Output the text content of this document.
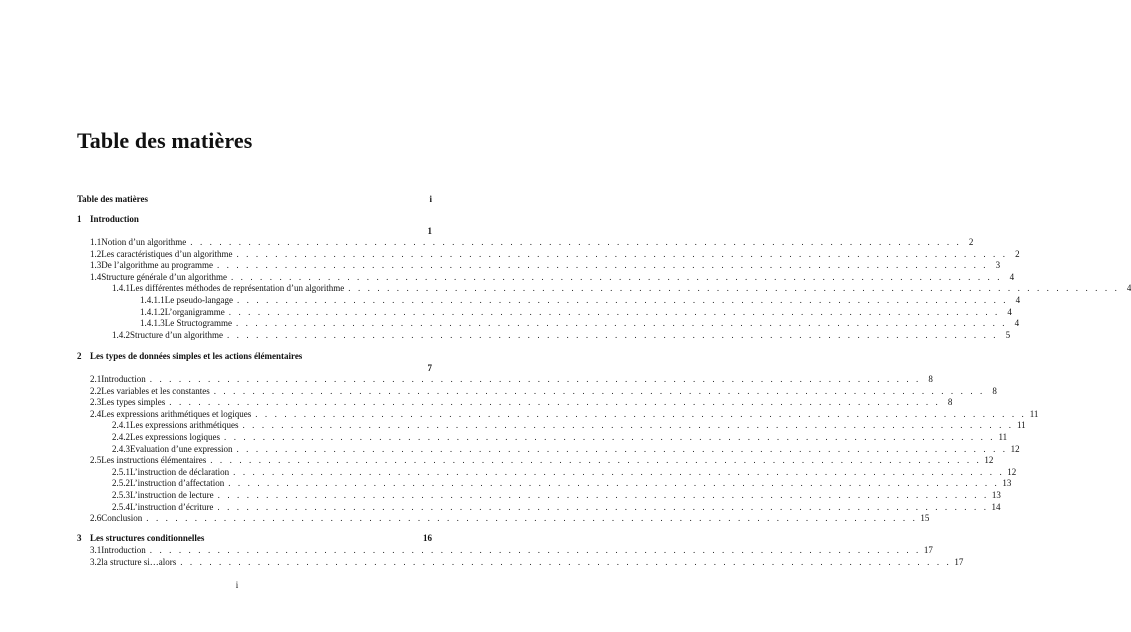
Table des matières
Table des matières	i
1 Introduction
1
1.1 Notion d’un algorithme . . . . . . . . . . . . . . . . . . . . . . . . . . . . . . . . . . . . . . . . . . . . . . . . . . . . . . . . . . . . . . . . . . . . . . . . . . . . . . . . 2
1.2 Les caractéristiques d’un algorithme . . . . . . . . . . . . . . . . . . . . . . . . . . . . . . . . . . . . . . . . . . . . . . . . . . . . . . . . . . . . . . . . . . . . . . . . . . . . . . . . 2
1.3 De l’algorithme au programme . . . . . . . . . . . . . . . . . . . . . . . . . . . . . . . . . . . . . . . . . . . . . . . . . . . . . . . . . . . . . . . . . . . . . . . . . . . . . . . . 3
1.4 Structure générale d’un algorithme . . . . . . . . . . . . . . . . . . . . . . . . . . . . . . . . . . . . . . . . . . . . . . . . . . . . . . . . . . . . . . . . . . . . . . . . . . . . . . . . 4
1.4.1 Les différentes méthodes de représentation d’un algorithme . . . . . . . . . . . . . . . . . . . . . . . . . . . . . . . . . . . . . . . . . . . . . . . . . . . . . . . . . . . . . . . . . . . . . . . . . . . . . . . . 4
1.4.1.1 Le pseudo-langage . . . . . . . . . . . . . . . . . . . . . . . . . . . . . . . . . . . . . . . . . . . . . . . . . . . . . . . . . . . . . . . . . . . . . . . . . . . . . . . . 4
1.4.1.2 L’organigramme . . . . . . . . . . . . . . . . . . . . . . . . . . . . . . . . . . . . . . . . . . . . . . . . . . . . . . . . . . . . . . . . . . . . . . . . . . . . . . . . 4
1.4.1.3 Le Structogramme . . . . . . . . . . . . . . . . . . . . . . . . . . . . . . . . . . . . . . . . . . . . . . . . . . . . . . . . . . . . . . . . . . . . . . . . . . . . . . . . 4
1.4.2 Structure d’un algorithme . . . . . . . . . . . . . . . . . . . . . . . . . . . . . . . . . . . . . . . . . . . . . . . . . . . . . . . . . . . . . . . . . . . . . . . . . . . . . . . . 5
2 Les types de données simples et les actions élémentaires
7
2.1 Introduction . . . . . . . . . . . . . . . . . . . . . . . . . . . . . . . . . . . . . . . . . . . . . . . . . . . . . . . . . . . . . . . . . . . . . . . . . . . . . . . . 8
2.2 Les variables et les constantes . . . . . . . . . . . . . . . . . . . . . . . . . . . . . . . . . . . . . . . . . . . . . . . . . . . . . . . . . . . . . . . . . . . . . . . . . . . . . . . . 8
2.3 Les types simples . . . . . . . . . . . . . . . . . . . . . . . . . . . . . . . . . . . . . . . . . . . . . . . . . . . . . . . . . . . . . . . . . . . . . . . . . . . . . . . . 8
2.4 Les expressions arithmétiques et logiques . . . . . . . . . . . . . . . . . . . . . . . . . . . . . . . . . . . . . . . . . . . . . . . . . . . . . . . . . . . . . . . . . . . . . . . . . . . . . . . . 11
2.4.1 Les expressions arithmétiques . . . . . . . . . . . . . . . . . . . . . . . . . . . . . . . . . . . . . . . . . . . . . . . . . . . . . . . . . . . . . . . . . . . . . . . . . . . . . . . . 11
2.4.2 Les expressions logiques . . . . . . . . . . . . . . . . . . . . . . . . . . . . . . . . . . . . . . . . . . . . . . . . . . . . . . . . . . . . . . . . . . . . . . . . . . . . . . . . 11
2.4.3 Evaluation d’une expression . . . . . . . . . . . . . . . . . . . . . . . . . . . . . . . . . . . . . . . . . . . . . . . . . . . . . . . . . . . . . . . . . . . . . . . . . . . . . . . . 12
2.5 Les instructions élémentaires . . . . . . . . . . . . . . . . . . . . . . . . . . . . . . . . . . . . . . . . . . . . . . . . . . . . . . . . . . . . . . . . . . . . . . . . . . . . . . . . 12
2.5.1 L’instruction de déclaration . . . . . . . . . . . . . . . . . . . . . . . . . . . . . . . . . . . . . . . . . . . . . . . . . . . . . . . . . . . . . . . . . . . . . . . . . . . . . . . . 12
2.5.2 L’instruction d’affectation . . . . . . . . . . . . . . . . . . . . . . . . . . . . . . . . . . . . . . . . . . . . . . . . . . . . . . . . . . . . . . . . . . . . . . . . . . . . . . . . 13
2.5.3 L’instruction de lecture . . . . . . . . . . . . . . . . . . . . . . . . . . . . . . . . . . . . . . . . . . . . . . . . . . . . . . . . . . . . . . . . . . . . . . . . . . . . . . . . 13
2.5.4 L’instruction d’écriture . . . . . . . . . . . . . . . . . . . . . . . . . . . . . . . . . . . . . . . . . . . . . . . . . . . . . . . . . . . . . . . . . . . . . . . . . . . . . . . . 14
2.6 Conclusion . . . . . . . . . . . . . . . . . . . . . . . . . . . . . . . . . . . . . . . . . . . . . . . . . . . . . . . . . . . . . . . . . . . . . . . . . . . . . . . . 15
3 Les structures conditionnelles	16
3.1 Introduction . . . . . . . . . . . . . . . . . . . . . . . . . . . . . . . . . . . . . . . . . . . . . . . . . . . . . . . . . . . . . . . . . . . . . . . . . . . . . . . . 17
3.2 la structure si…alors . . . . . . . . . . . . . . . . . . . . . . . . . . . . . . . . . . . . . . . . . . . . . . . . . . . . . . . . . . . . . . . . . . . . . . . . . . . . . . . . 17
i
